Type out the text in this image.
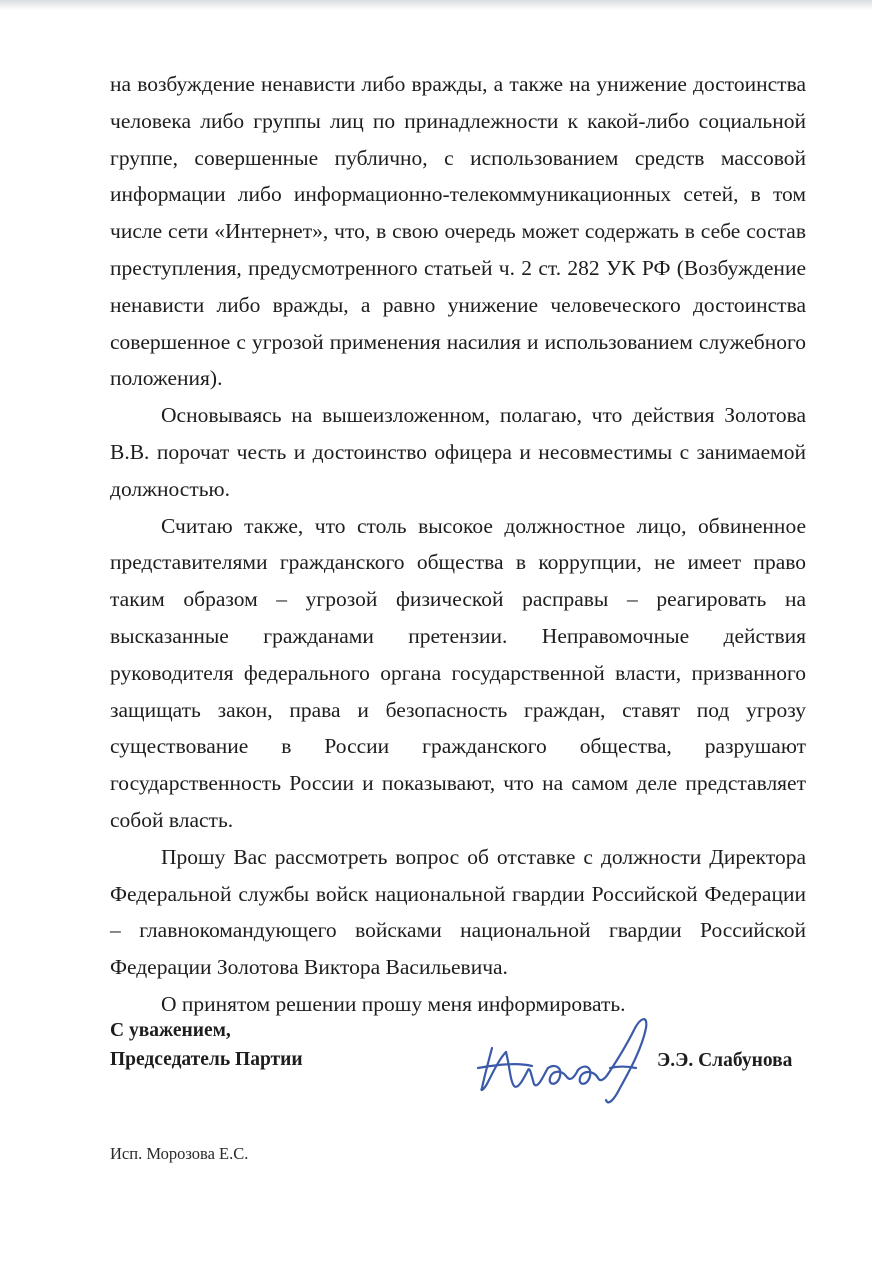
на возбуждение ненависти либо вражды, а также на унижение достоинства человека либо группы лиц по принадлежности к какой-либо социальной группе, совершенные публично, с использованием средств массовой информации либо информационно-телекоммуникационных сетей, в том числе сети «Интернет», что, в свою очередь может содержать в себе состав преступления, предусмотренного статьей ч. 2 ст. 282 УК РФ (Возбуждение ненависти либо вражды, а равно унижение человеческого достоинства совершенное с угрозой применения насилия и использованием служебного положения).

Основываясь на вышеизложенном, полагаю, что действия Золотова В.В. порочат честь и достоинство офицера и несовместимы с занимаемой должностью.

Считаю также, что столь высокое должностное лицо, обвиненное представителями гражданского общества в коррупции, не имеет право таким образом – угрозой физической расправы – реагировать на высказанные гражданами претензии. Неправомочные действия руководителя федерального органа государственной власти, призванного защищать закон, права и безопасность граждан, ставят под угрозу существование в России гражданского общества, разрушают государственность России и показывают, что на самом деле представляет собой власть.

Прошу Вас рассмотреть вопрос об отставке с должности Директора Федеральной службы войск национальной гвардии Российской Федерации – главнокомандующего войсками национальной гвардии Российской Федерации Золотова Виктора Васильевича.

О принятом решении прошу меня информировать.

С уважением,
Председатель Партии	Э.Э. Слабунова
Исп. Морозова Е.С.
